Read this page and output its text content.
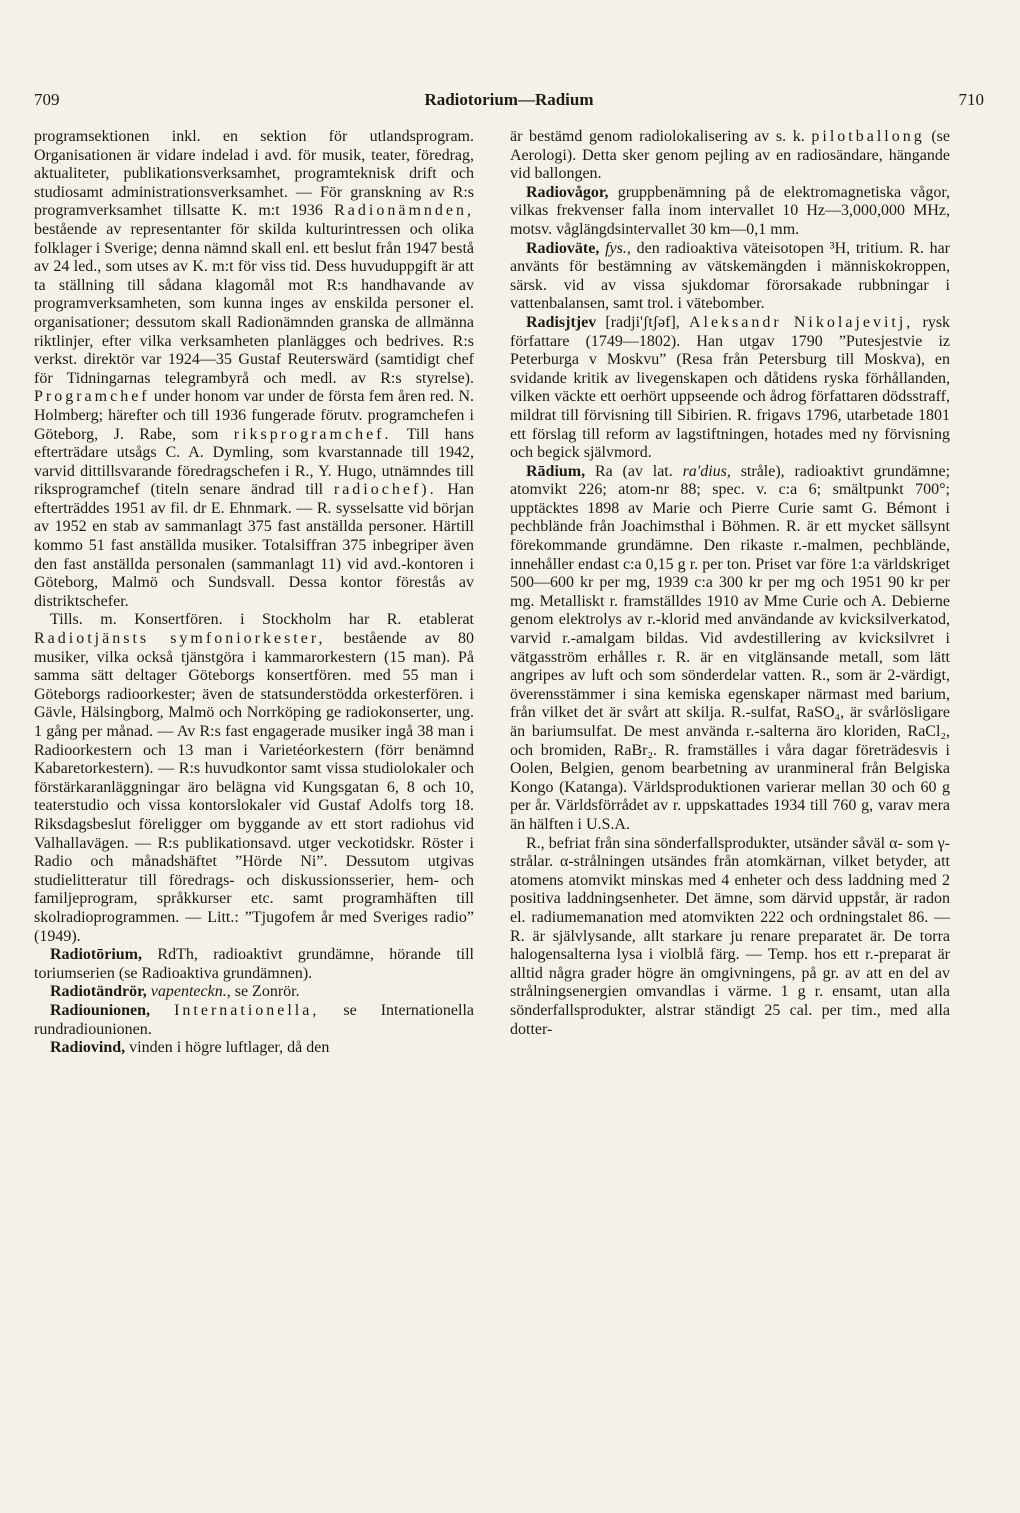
709	Radiotorium—Radium	710

programsektionen inkl. en sektion för utlandsprogram. Organisationen är vidare indelad i avd. för musik, teater, föredrag, aktualiteter, publikationsverksamhet, programteknisk drift och studiosamt administrationsverksamhet. — För granskning av R:s programverksamhet tillsatte K. m:t 1936 Radionämnden, bestående av representanter för skilda kulturintressen och olika folklager i Sverige; denna nämnd skall enl. ett beslut från 1947 bestå av 24 led., som utses av K. m:t för viss tid. Dess huvuduppgift är att ta ställning till sådana klagomål mot R:s handhavande av programverksamheten, som kunna inges av enskilda personer el. organisationer; dessutom skall Radionämnden granska de allmänna riktlinjer, efter vilka verksamheten planlägges och bedrives. R:s verkst. direktör var 1924—35 Gustaf Reuterswärd (samtidigt chef för Tidningarnas telegrambyrå och medl. av R:s styrelse). Programchef under honom var under de första fem åren red. N. Holmberg; härefter och till 1936 fungerade förutv. programchefen i Göteborg, J. Rabe, som riksprogramchef. Till hans efterträdare utsågs C. A. Dymling, som kvarstannade till 1942, varvid dittillsvarande föredragschefen i R., Y. Hugo, utnämndes till riksprogramchef (titeln senare ändrad till radiochef). Han efterträddes 1951 av fil. dr E. Ehnmark. — R. sysselsatte vid början av 1952 en stab av sammanlagt 375 fast anställda personer. Härtill kommo 51 fast anställda musiker. Totalsiffran 375 inbegriper även den fast anställda personalen (sammanlagt 11) vid avd.-kontoren i Göteborg, Malmö och Sundsvall. Dessa kontor förestås av distriktschefer.

Tills. m. Konsertfören. i Stockholm har R. etablerat Radiotjänsts symfoniorkester, bestående av 80 musiker, vilka också tjänstgöra i kammarorkestern (15 man). På samma sätt deltager Göteborgs konsertfören. med 55 man i Göteborgs radioorkester; även de statsunderstödda orkesterfören. i Gävle, Hälsingborg, Malmö och Norrköping ge radiokonserter, ung. 1 gång per månad. — Av R:s fast engagerade musiker ingå 38 man i Radioorkestern och 13 man i Varietéorkestern (förr benämnd Kabaretorkestern). — R:s huvudkontor samt vissa studiolokaler och förstärkaranläggningar äro belägna vid Kungsgatan 6, 8 och 10, teaterstudio och vissa kontorslokaler vid Gustaf Adolfs torg 18. Riksdagsbeslut föreligger om byggande av ett stort radiohus vid Valhallavägen. — R:s publikationsavd. utger veckotidskr. Röster i Radio och månadshäftet ”Hörde Ni”. Dessutom utgivas studielitteratur till föredrags- och diskussionsserier, hem- och familjeprogram, språkkurser etc. samt programhäften till skolradioprogrammen. — Litt.: ”Tjugofem år med Sveriges radio” (1949).

Radiotōrium, RdTh, radioaktivt grundämne, hörande till toriumserien (se Radioaktiva grundämnen).

Radiotändrör, vapenteckn., se Zonrör.

Radiounionen, Internationella, se Internationella rundradiounionen.

Radiovind, vinden i högre luftlager, då den

är bestämd genom radiolokalisering av s. k. pilotballong (se Aerologi). Detta sker genom pejling av en radiosändare, hängande vid ballongen.

Radiovågor, gruppbenämning på de elektromagnetiska vågor, vilkas frekvenser falla inom intervallet 10 Hz—3,000,000 MHz, motsv. våglängdsintervallet 30 km—0,1 mm.

Radioväte, fys., den radioaktiva väteisotopen ³H, tritium. R. har använts för bestämning av vätskemängden i människokroppen, särsk. vid av vissa sjukdomar förorsakade rubbningar i vattenbalansen, samt trol. i vätebomber.

Radisjtjev [radji'ʃtʃəf], Aleksandr Nikolajevitj, rysk författare (1749—1802). Han utgav 1790 ”Putesjestvie iz Peterburga v Moskvu” (Resa från Petersburg till Moskva), en svidande kritik av livegenskapen och dåtidens ryska förhållanden, vilken väckte ett oerhört uppseende och ådrog författaren dödsstraff, mildrat till förvisning till Sibirien. R. frigavs 1796, utarbetade 1801 ett förslag till reform av lagstiftningen, hotades med ny förvisning och begick självmord.

Rādium, Ra (av lat. ra'dius, stråle), radioaktivt grundämne; atomvikt 226; atom-nr 88; spec. v. c:a 6; smältpunkt 700°; upptäcktes 1898 av Marie och Pierre Curie samt G. Bémont i pechblände från Joachimsthal i Böhmen. R. är ett mycket sällsynt förekommande grundämne. Den rikaste r.-malmen, pechblände, innehåller endast c:a 0,15 g r. per ton. Priset var före 1:a världskriget 500—600 kr per mg, 1939 c:a 300 kr per mg och 1951 90 kr per mg. Metalliskt r. framställdes 1910 av Mme Curie och A. Debierne genom elektrolys av r.-klorid med användande av kvicksilverkatod, varvid r.-amalgam bildas. Vid avdestillering av kvicksilvret i vätgasström erhålles r. R. är en vitglänsande metall, som lätt angripes av luft och som sönderdelar vatten. R., som är 2-värdigt, överensstämmer i sina kemiska egenskaper närmast med barium, från vilket det är svårt att skilja. R.-sulfat, RaSO₄, är svårlösligare än bariumsulfat. De mest använda r.-salterna äro kloriden, RaCl₂, och bromiden, RaBr₂. R. framställes i våra dagar företrädesvis i Oolen, Belgien, genom bearbetning av uranmineral från Belgiska Kongo (Katanga). Världsproduktionen varierar mellan 30 och 60 g per år. Världsförrådet av r. uppskattades 1934 till 760 g, varav mera än hälften i U.S.A.

R., befriat från sina sönderfallsprodukter, utsänder såväl α- som γ-strålar. α-strålningen utsändes från atomkärnan, vilket betyder, att atomens atomvikt minskas med 4 enheter och dess laddning med 2 positiva laddningsenheter. Det ämne, som därvid uppstår, är radon el. radiumemanation med atomvikten 222 och ordningstalet 86. — R. är självlysande, allt starkare ju renare preparatet är. De torra halogensalterna lysa i violblå färg. — Temp. hos ett r.-preparat är alltid några grader högre än omgivningens, på gr. av att en del av strålningsenergien omvandlas i värme. 1 g r. ensamt, utan alla sönderfallsprodukter, alstrar ständigt 25 cal. per tim., med alla dotter-
